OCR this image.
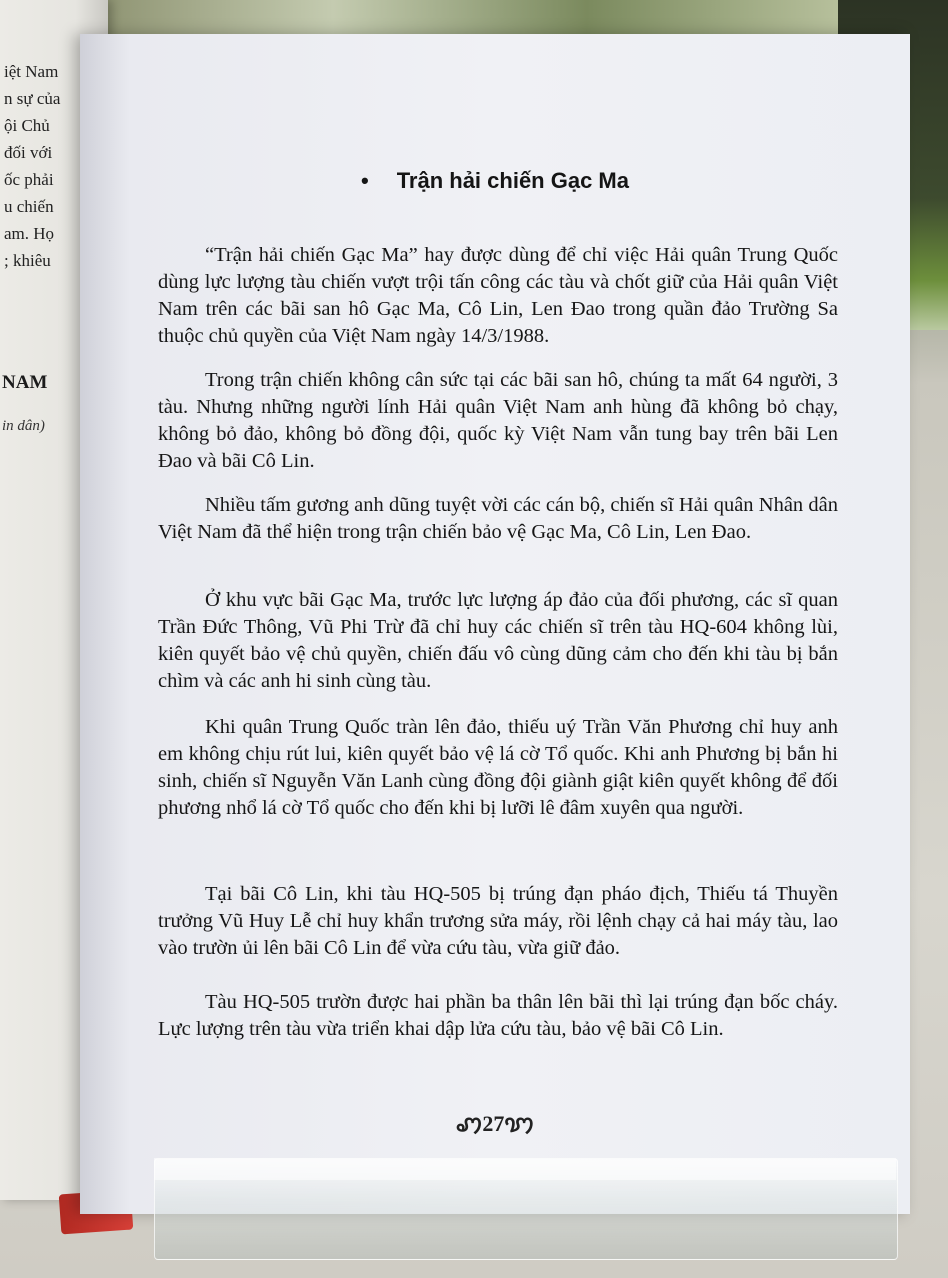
iệt Nam
n sự của
ội Chủ
đối với
ốc phải
u chiến
am. Họ
; khiêu
NAM
in dân)
• Trận hải chiến Gạc Ma

“Trận hải chiến Gạc Ma” hay được dùng để chỉ việc Hải quân Trung Quốc dùng lực lượng tàu chiến vượt trội tấn công các tàu và chốt giữ của Hải quân Việt Nam trên các bãi san hô Gạc Ma, Cô Lin, Len Đao trong quần đảo Trường Sa thuộc chủ quyền của Việt Nam ngày 14/3/1988.

Trong trận chiến không cân sức tại các bãi san hô, chúng ta mất 64 người, 3 tàu. Nhưng những người lính Hải quân Việt Nam anh hùng đã không bỏ chạy, không bỏ đảo, không bỏ đồng đội, quốc kỳ Việt Nam vẫn tung bay trên bãi Len Đao và bãi Cô Lin.

Nhiều tấm gương anh dũng tuyệt vời các cán bộ, chiến sĩ Hải quân Nhân dân Việt Nam đã thể hiện trong trận chiến bảo vệ Gạc Ma, Cô Lin, Len Đao.

Ở khu vực bãi Gạc Ma, trước lực lượng áp đảo của đối phương, các sĩ quan Trần Đức Thông, Vũ Phi Trừ đã chỉ huy các chiến sĩ trên tàu HQ-604 không lùi, kiên quyết bảo vệ chủ quyền, chiến đấu vô cùng dũng cảm cho đến khi tàu bị bắn chìm và các anh hi sinh cùng tàu.

Khi quân Trung Quốc tràn lên đảo, thiếu uý Trần Văn Phương chỉ huy anh em không chịu rút lui, kiên quyết bảo vệ lá cờ Tổ quốc. Khi anh Phương bị bắn hi sinh, chiến sĩ Nguyễn Văn Lanh cùng đồng đội giành giật kiên quyết không để đối phương nhổ lá cờ Tổ quốc cho đến khi bị lưỡi lê đâm xuyên qua người.

Tại bãi Cô Lin, khi tàu HQ-505 bị trúng đạn pháo địch, Thiếu tá Thuyền trưởng Vũ Huy Lễ chỉ huy khẩn trương sửa máy, rồi lệnh chạy cả hai máy tàu, lao vào trườn ủi lên bãi Cô Lin để vừa cứu tàu, vừa giữ đảo.

Tàu HQ-505 trườn được hai phần ba thân lên bãi thì lại trúng đạn bốc cháy. Lực lượng trên tàu vừa triển khai dập lửa cứu tàu, bảo vệ bãi Cô Lin.

ꩇ27ꩈ
